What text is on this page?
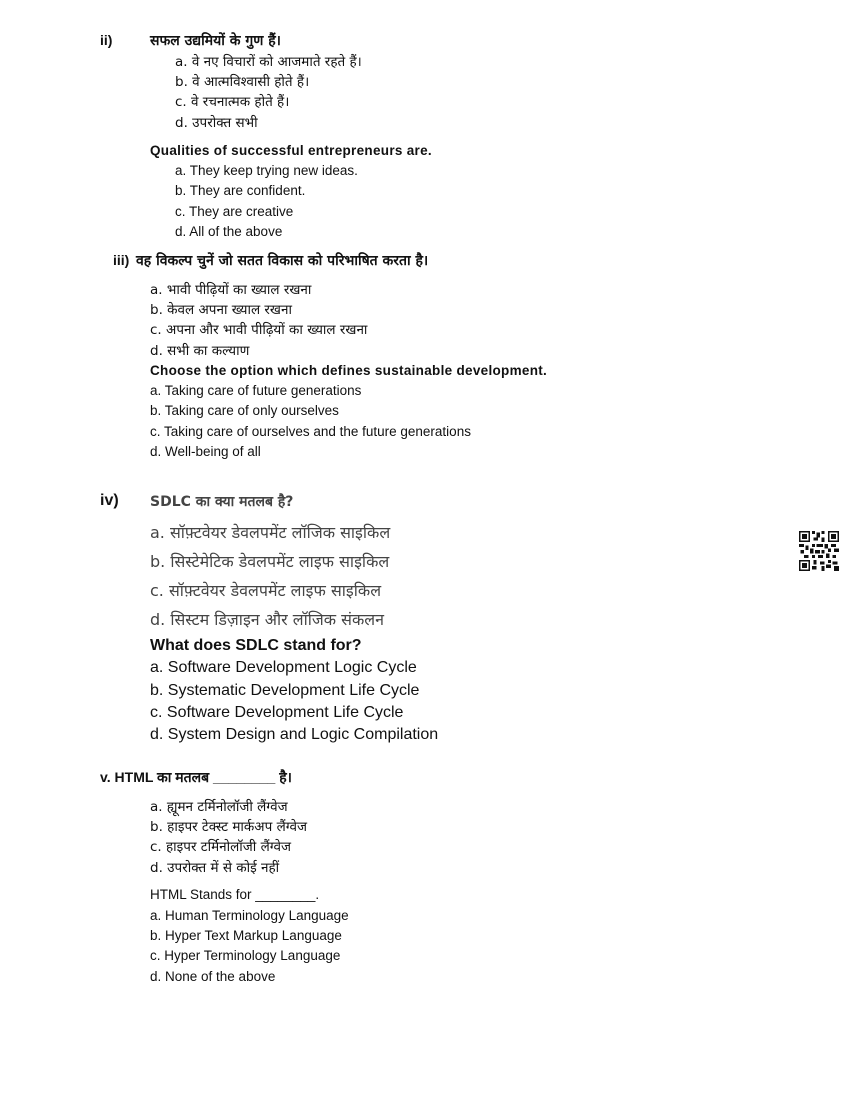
ii)	सफल उद्यमियों के गुण हैं।
a. वे नए विचारों को आजमाते रहते हैं।
b. वे आत्मविश्वासी होते हैं।
c. वे रचनात्मक होते हैं।
d. उपरोक्त सभी
Qualities of successful entrepreneurs are.
a. They keep trying new ideas.
b. They are confident.
c. They are creative
d. All of the above
iii) वह विकल्प चुनें जो सतत विकास को परिभाषित करता है।
a. भावी पीढ़ियों का ख्याल रखना
b. केवल अपना ख्याल रखना
c. अपना और भावी पीढ़ियों का ख्याल रखना
d. सभी का कल्याण
Choose the option which defines sustainable development.
a. Taking care of future generations
b. Taking care of only ourselves
c. Taking care of ourselves and the future generations
d. Well-being of all
iv) SDLC का क्या मतलब है?
a. सॉफ़्टवेयर डेवलपमेंट लॉजिक साइकिल
b. सिस्टेमेटिक डेवलपमेंट लाइफ साइकिल
c. सॉफ़्टवेयर डेवलपमेंट लाइफ साइकिल
d. सिस्टम डिज़ाइन और लॉजिक संकलन
What does SDLC stand for?
a. Software Development Logic Cycle
b. Systematic Development Life Cycle
c. Software Development Life Cycle
d. System Design and Logic Compilation
v. HTML का मतलब ________ है।
a. ह्यूमन टर्मिनोलॉजी लैंग्वेज
b. हाइपर टेक्स्ट मार्कअप लैंग्वेज
c. हाइपर टर्मिनोलॉजी लैंग्वेज
d. उपरोक्त में से कोई नहीं
HTML Stands for ________.
a. Human Terminology Language
b. Hyper Text Markup Language
c. Hyper Terminology Language
d. None of the above
